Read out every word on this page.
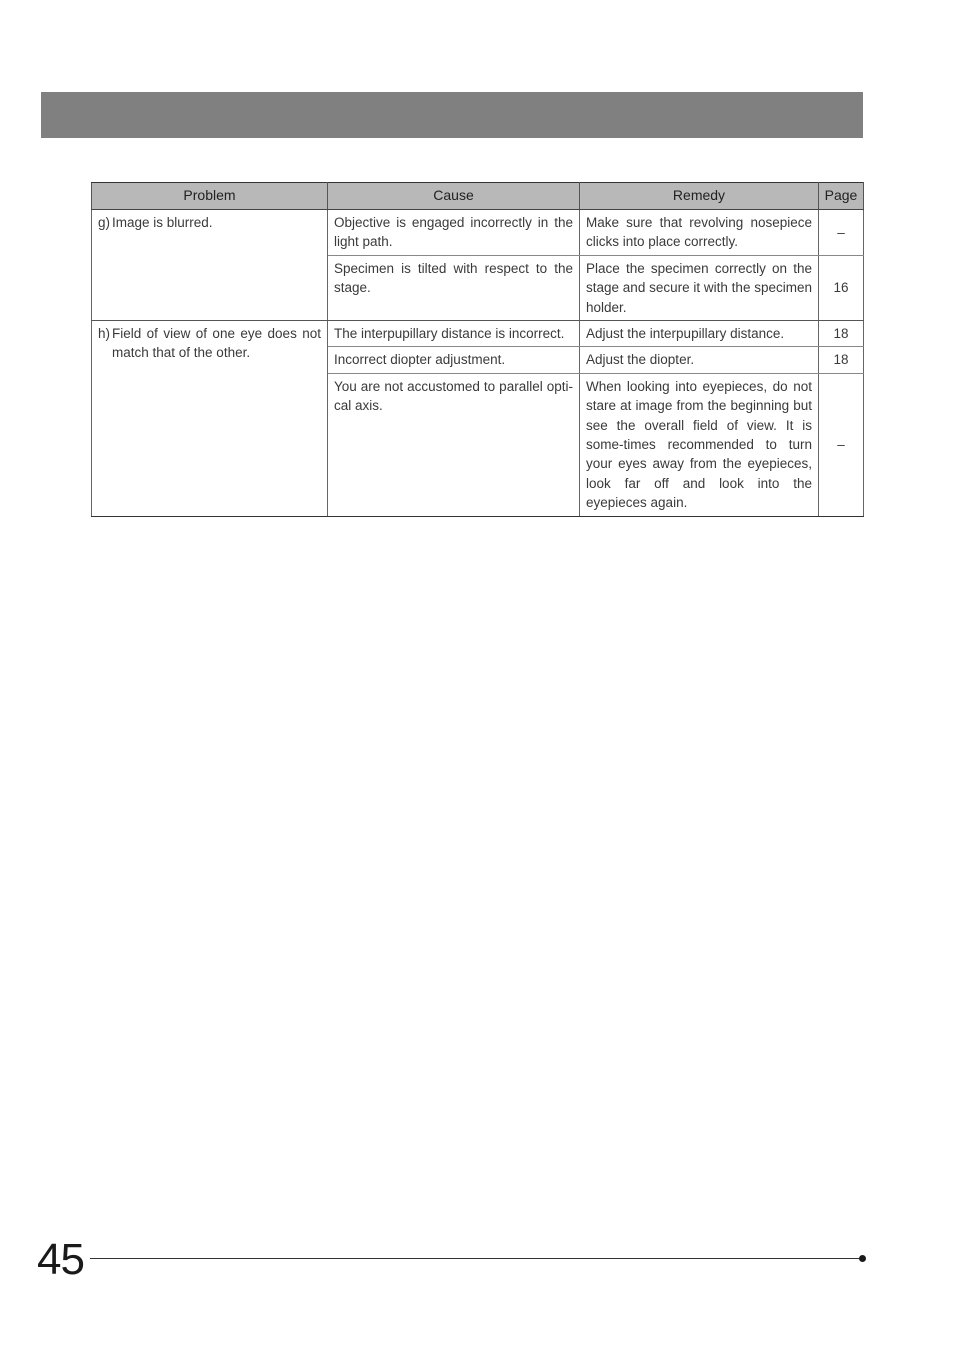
Problem	Cause	Remedy	Page

g) Image is blurred.	Objective is engaged incorrectly in the light path.	Make sure that revolving nosepiece clicks into place correctly.	–
	Specimen is tilted with respect to the stage.	Place the specimen correctly on the stage and secure it with the specimen holder.	16

h) Field of view of one eye does not match that of the other.	The interpupillary distance is incorrect.	Adjust the interpupillary distance.	18
	Incorrect diopter adjustment.	Adjust the diopter.	18
	You are not accustomed to parallel opti-cal axis.	When looking into eyepieces, do not stare at image from the beginning but see the overall field of view. It is some-times recommended to turn your eyes away from the eyepieces, look far off and look into the eyepieces again.	–
45
